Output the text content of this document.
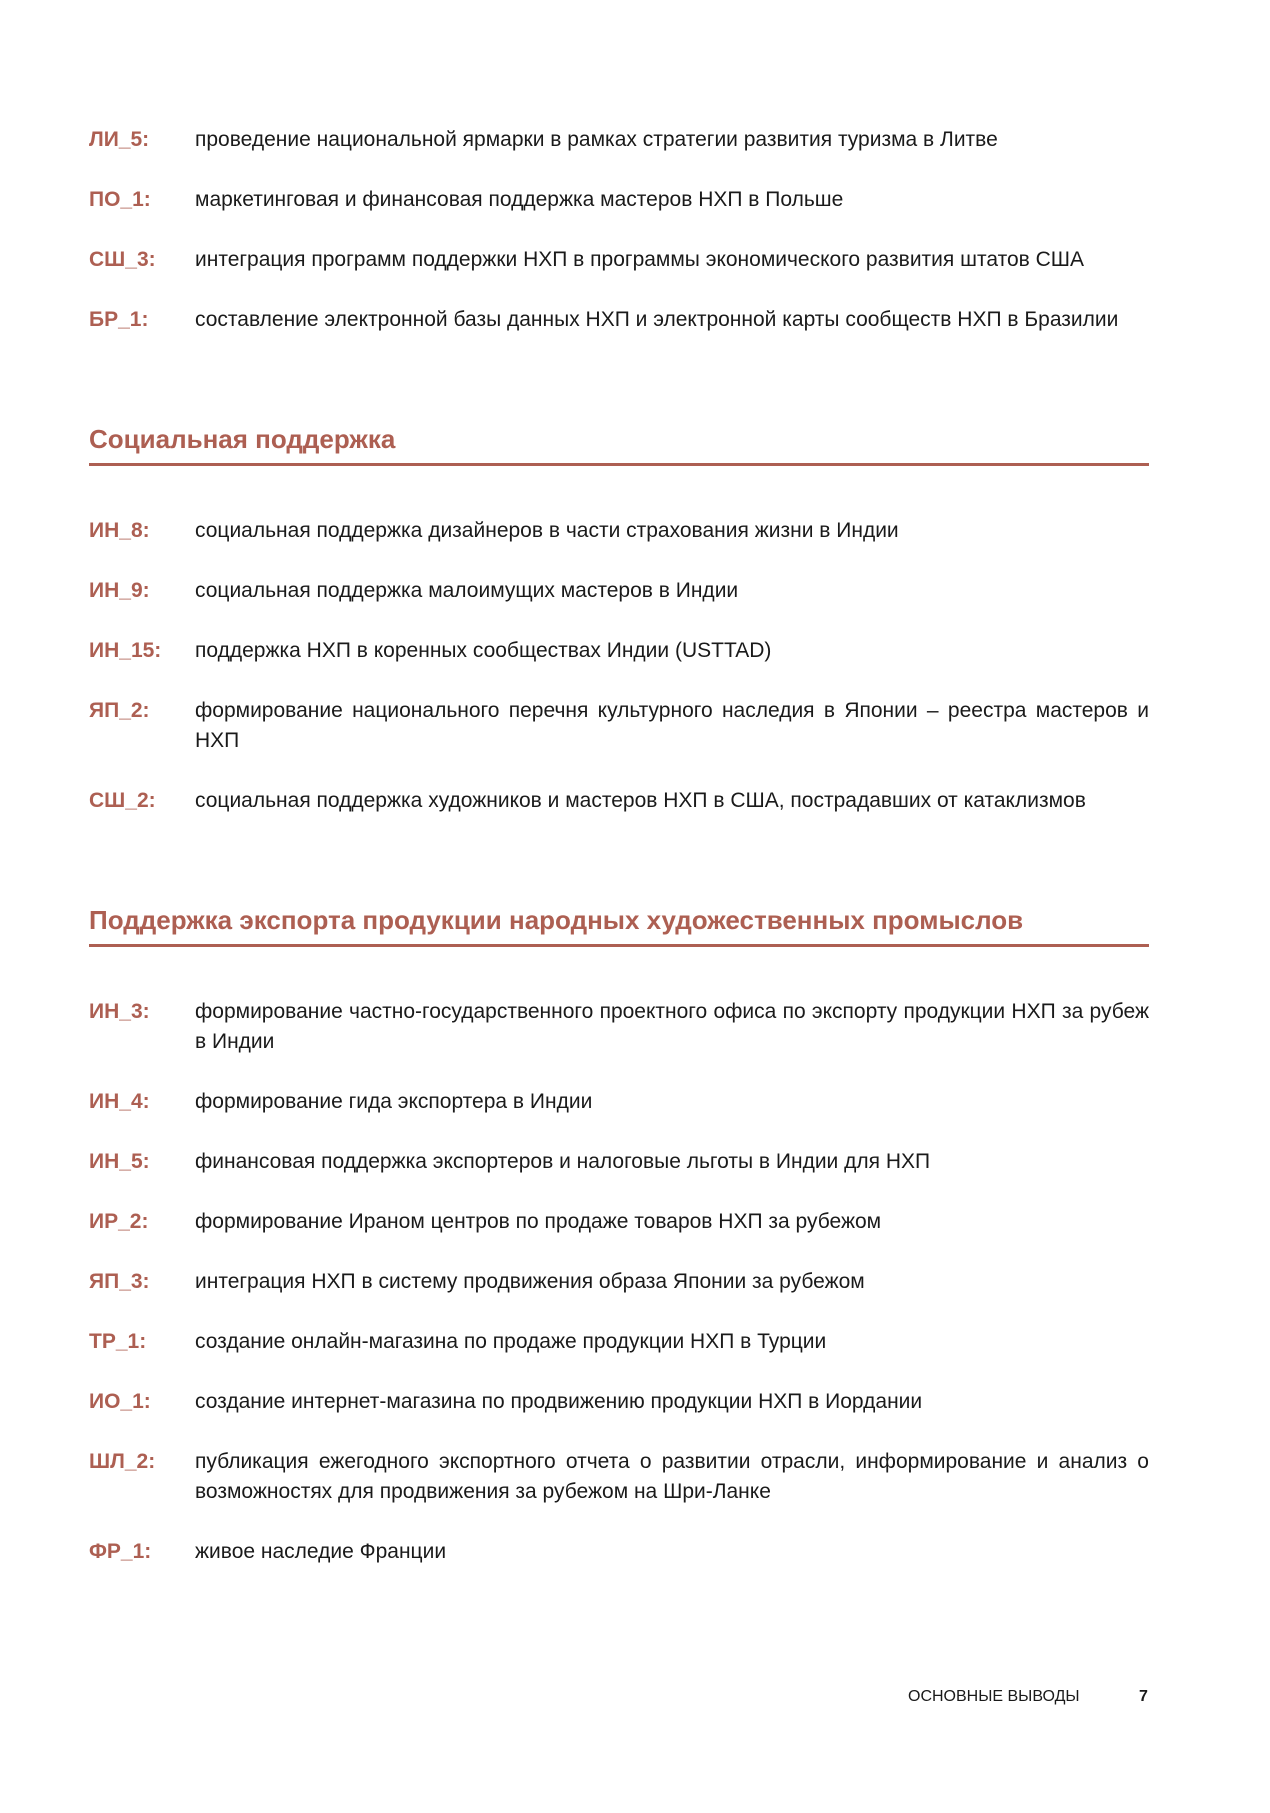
ЛИ_5:	проведение национальной ярмарки в рамках стратегии развития туризма в Литве
ПО_1:	маркетинговая и финансовая поддержка мастеров НХП в Польше
СШ_3:	интеграция программ поддержки НХП в программы экономического развития штатов США
БР_1:	составление электронной базы данных НХП и электронной карты сообществ НХП в Бразилии
Социальная поддержка
ИН_8:	социальная поддержка дизайнеров в части страхования жизни в Индии
ИН_9:	социальная поддержка малоимущих мастеров в Индии
ИН_15:	поддержка НХП в коренных сообществах Индии (USTTAD)
ЯП_2:	формирование национального перечня культурного наследия в Японии – реестра мастеров и НХП
СШ_2:	социальная поддержка художников и мастеров НХП в США, пострадавших от катаклизмов
Поддержка экспорта продукции народных художественных промыслов
ИН_3:	формирование частно-государственного проектного офиса по экспорту продукции НХП за рубеж в Индии
ИН_4:	формирование гида экспортера в Индии
ИН_5:	финансовая поддержка экспортеров и налоговые льготы в Индии для НХП
ИР_2:	формирование Ираном центров по продаже товаров НХП за рубежом
ЯП_3:	интеграция НХП в систему продвижения образа Японии за рубежом
ТР_1:	создание онлайн-магазина по продаже продукции НХП в Турции
ИО_1:	создание интернет-магазина по продвижению продукции НХП в Иордании
ШЛ_2:	публикация ежегодного экспортного отчета о развитии отрасли, информирование и анализ о возможностях для продвижения за рубежом на Шри-Ланке
ФР_1:	живое наследие Франции
ОСНОВНЫЕ ВЫВОДЫ	7
